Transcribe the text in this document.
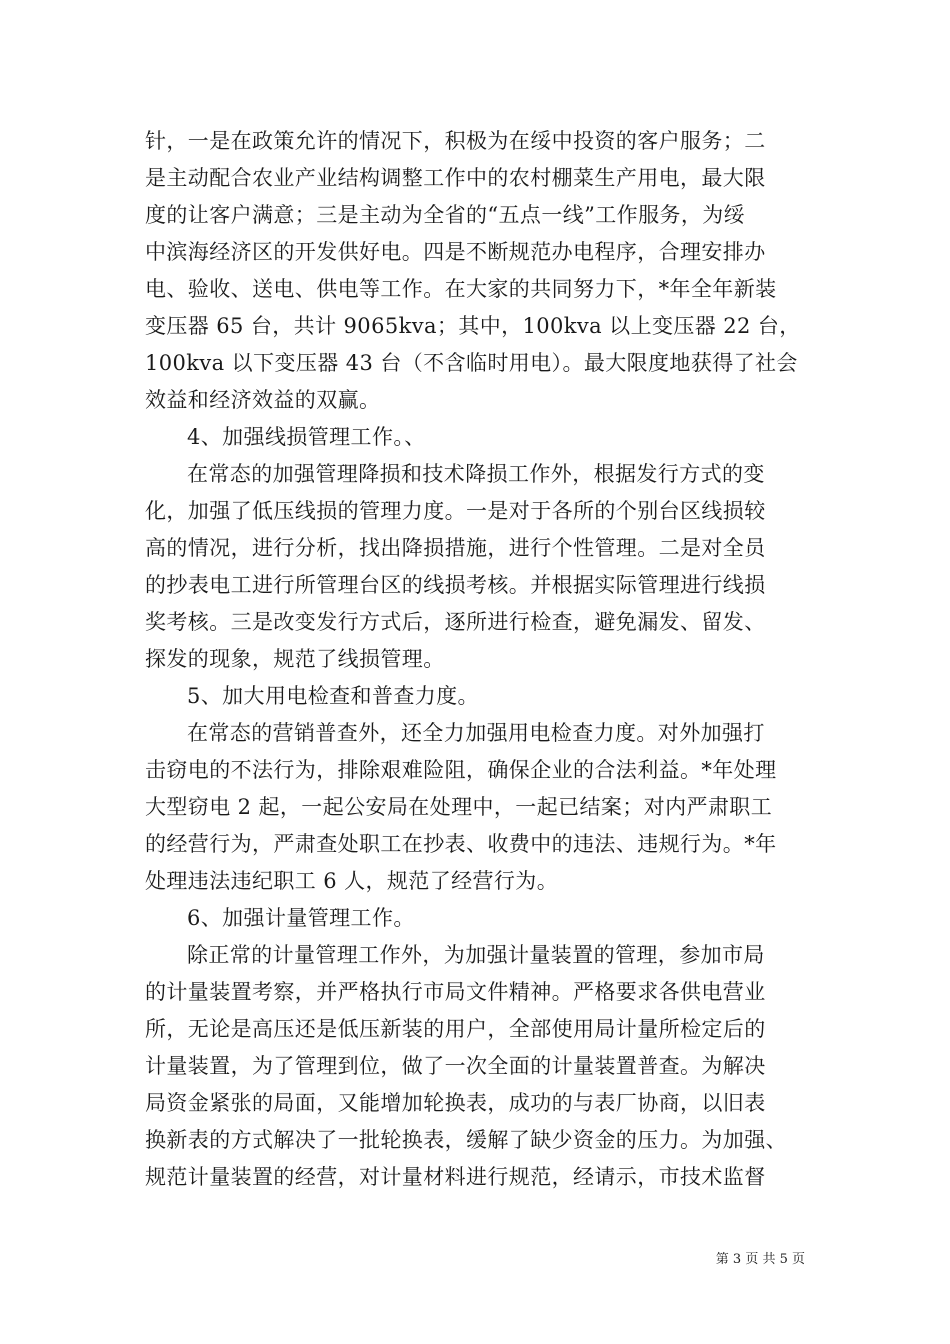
针，一是在政策允许的情况下，积极为在绥中投资的客户服务；二
是主动配合农业产业结构调整工作中的农村棚菜生产用电，最大限
度的让客户满意；三是主动为全省的“五点一线”工作服务，为绥
中滨海经济区的开发供好电。四是不断规范办电程序，合理安排办
电、验收、送电、供电等工作。在大家的共同努力下，*年全年新装
变压器 65 台，共计 9065kva；其中，100kva 以上变压器 22 台，
100kva 以下变压器 43 台（不含临时用电）。最大限度地获得了社会
效益和经济效益的双赢。
4、加强线损管理工作。、
在常态的加强管理降损和技术降损工作外，根据发行方式的变
化，加强了低压线损的管理力度。一是对于各所的个别台区线损较
高的情况，进行分析，找出降损措施，进行个性管理。二是对全员
的抄表电工进行所管理台区的线损考核。并根据实际管理进行线损
奖考核。三是改变发行方式后，逐所进行检查，避免漏发、留发、
探发的现象，规范了线损管理。
5、加大用电检查和普查力度。
在常态的营销普查外，还全力加强用电检查力度。对外加强打
击窃电的不法行为，排除艰难险阻，确保企业的合法利益。*年处理
大型窃电 2 起，一起公安局在处理中，一起已结案；对内严肃职工
的经营行为，严肃查处职工在抄表、收费中的违法、违规行为。*年
处理违法违纪职工 6 人，规范了经营行为。
6、加强计量管理工作。
除正常的计量管理工作外，为加强计量装置的管理，参加市局
的计量装置考察，并严格执行市局文件精神。严格要求各供电营业
所，无论是高压还是低压新装的用户，全部使用局计量所检定后的
计量装置，为了管理到位，做了一次全面的计量装置普查。为解决
局资金紧张的局面，又能增加轮换表，成功的与表厂协商，以旧表
换新表的方式解决了一批轮换表，缓解了缺少资金的压力。为加强、
规范计量装置的经营，对计量材料进行规范，经请示，市技术监督
第 3 页 共 5 页
